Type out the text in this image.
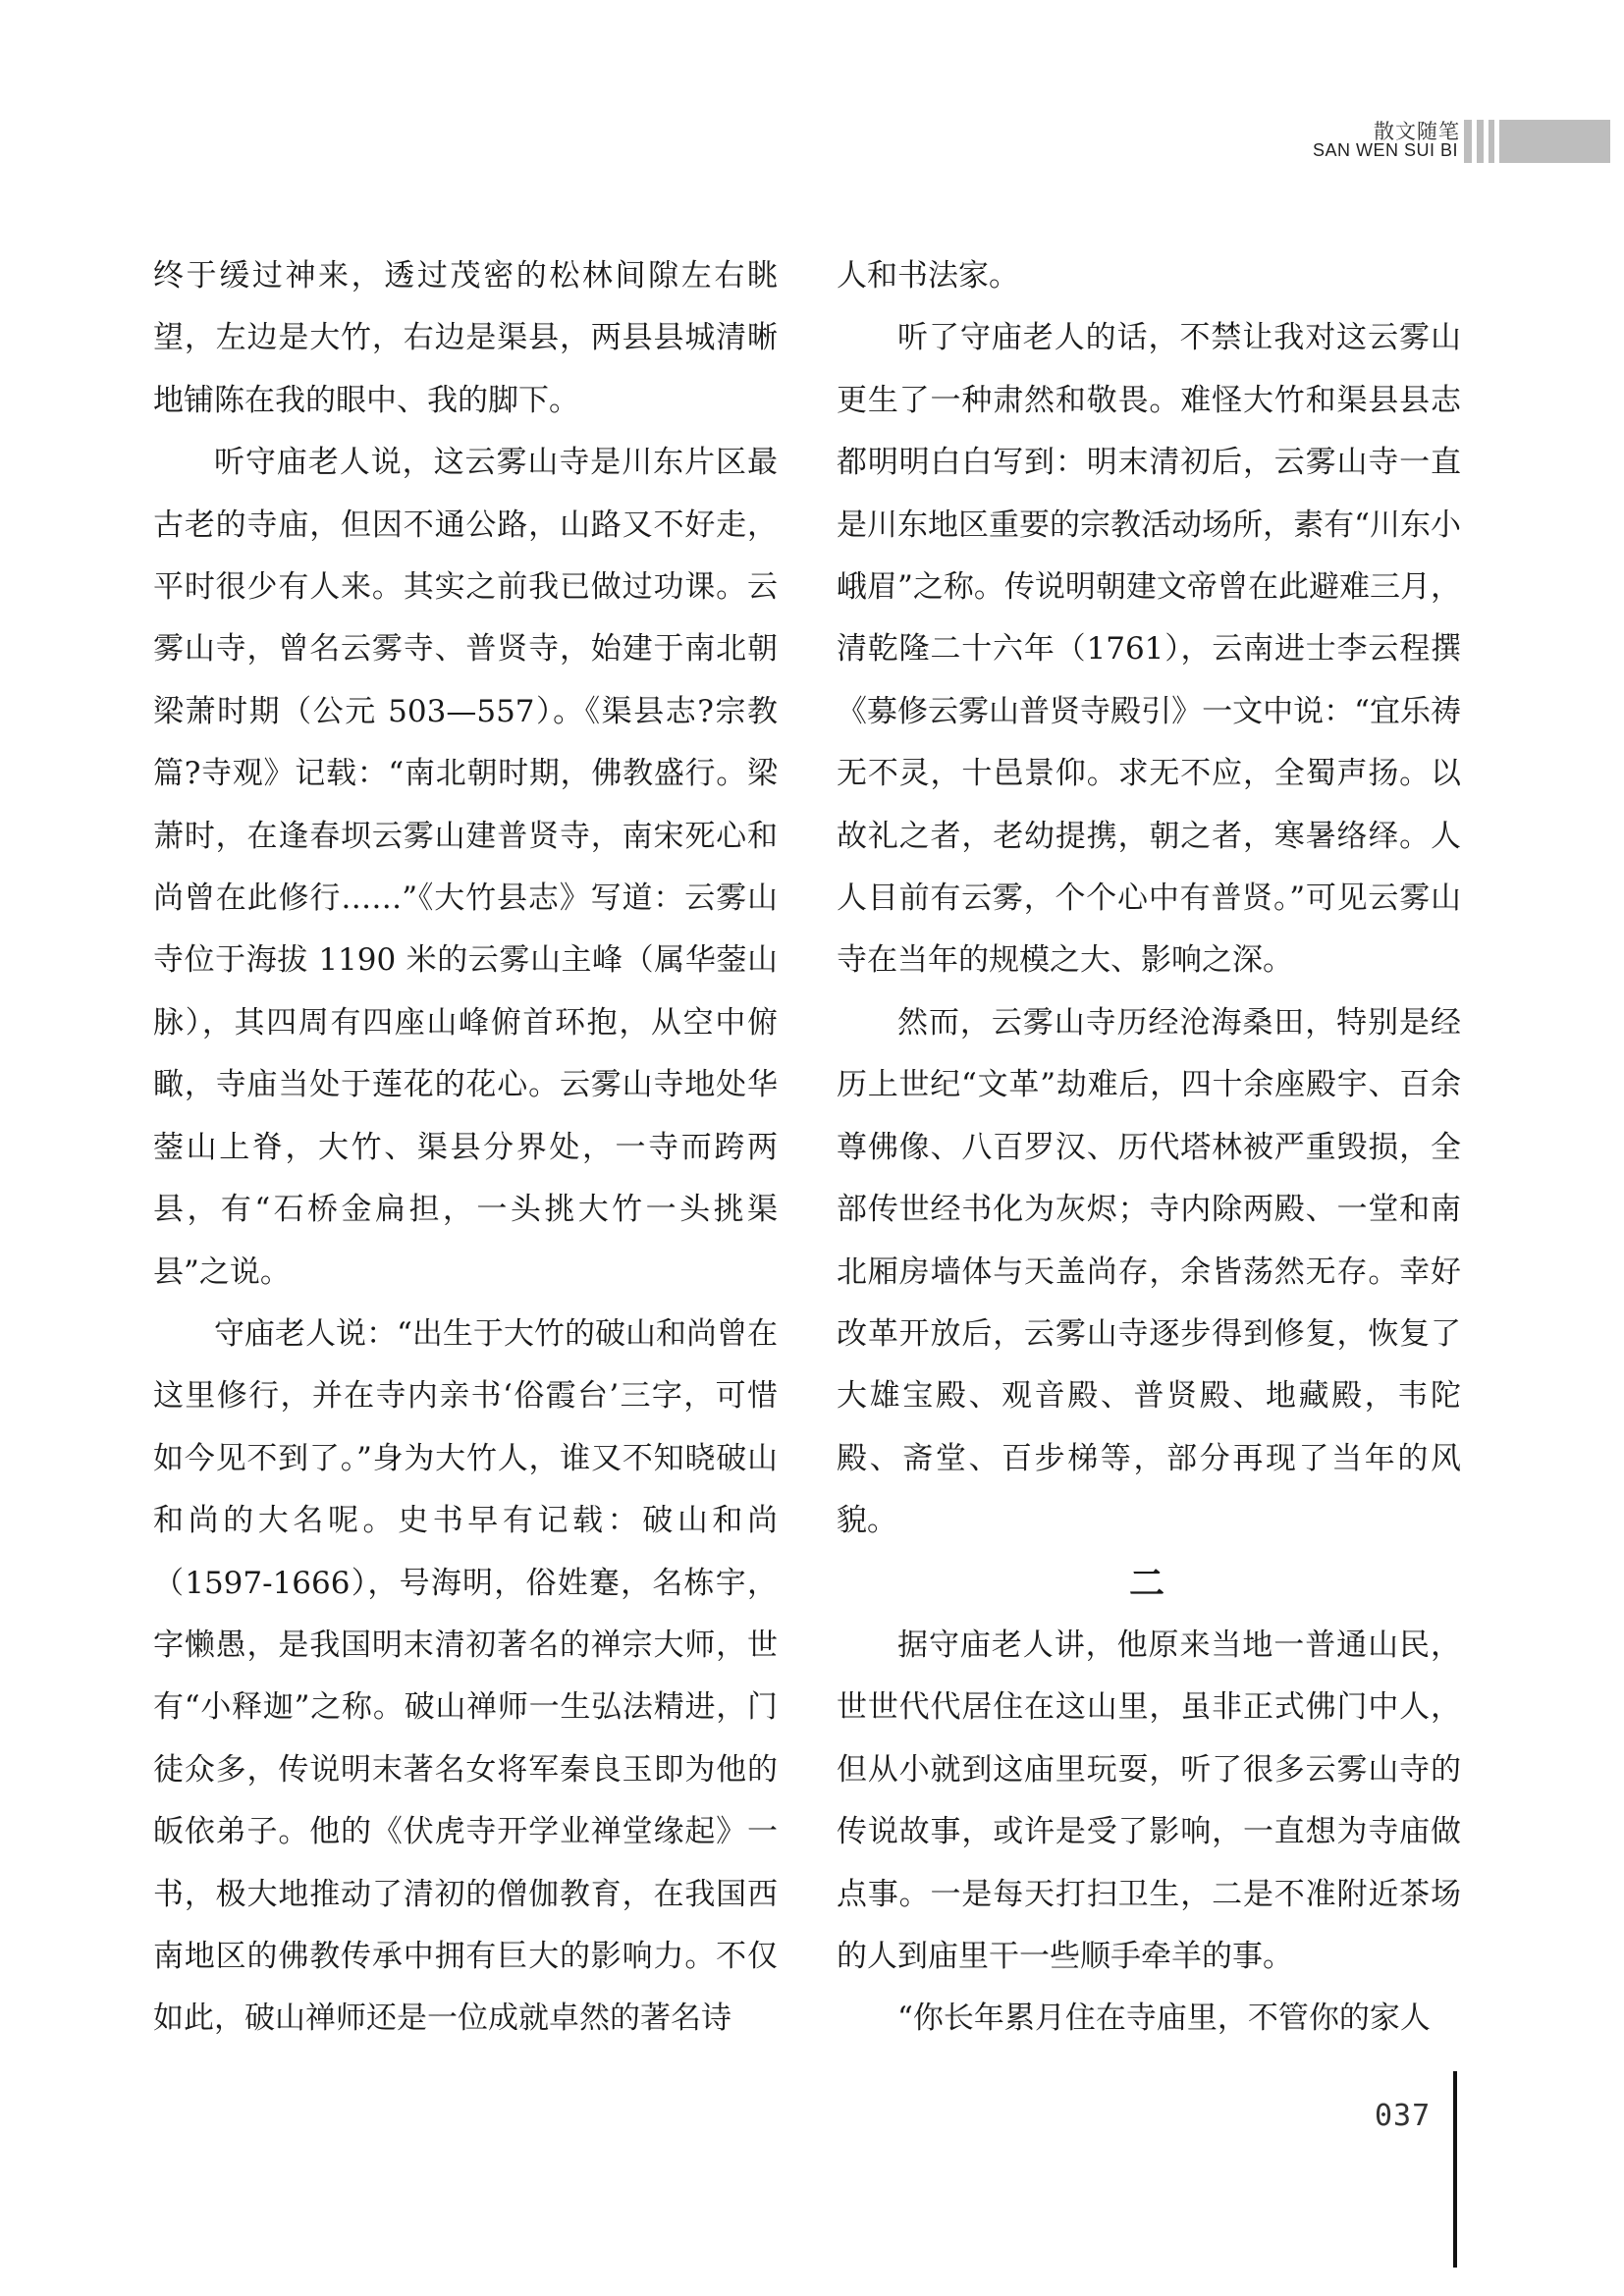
散文随笔
SAN WEN SUI BI

终于缓过神来，透过茂密的松林间隙左右眺望，左边是大竹，右边是渠县，两县县城清晰地铺陈在我的眼中、我的脚下。

听守庙老人说，这云雾山寺是川东片区最古老的寺庙，但因不通公路，山路又不好走，平时很少有人来。其实之前我已做过功课。云雾山寺，曾名云雾寺、普贤寺，始建于南北朝梁萧时期（公元 503—557）。《渠县志?宗教篇?寺观》记载：“南北朝时期，佛教盛行。梁萧时，在逢春坝云雾山建普贤寺，南宋死心和尚曾在此修行……”《大竹县志》写道：云雾山寺位于海拔 1190 米的云雾山主峰（属华蓥山脉），其四周有四座山峰俯首环抱，从空中俯瞰，寺庙当处于莲花的花心。云雾山寺地处华蓥山上脊，大竹、渠县分界处，一寺而跨两县，有“石桥金扁担，一头挑大竹一头挑渠县”之说。

守庙老人说：“出生于大竹的破山和尚曾在这里修行，并在寺内亲书‘俗霞台’三字，可惜如今见不到了。”身为大竹人，谁又不知晓破山和尚的大名呢。史书早有记载：破山和尚（1597-1666），号海明，俗姓蹇，名栋宇，字懒愚，是我国明末清初著名的禅宗大师，世有“小释迦”之称。破山禅师一生弘法精进，门徒众多，传说明末著名女将军秦良玉即为他的皈依弟子。他的《伏虎寺开学业禅堂缘起》一书，极大地推动了清初的僧伽教育，在我国西南地区的佛教传承中拥有巨大的影响力。不仅如此，破山禅师还是一位成就卓然的著名诗

人和书法家。

听了守庙老人的话，不禁让我对这云雾山更生了一种肃然和敬畏。难怪大竹和渠县县志都明明白白写到：明末清初后，云雾山寺一直是川东地区重要的宗教活动场所，素有“川东小峨眉”之称。传说明朝建文帝曾在此避难三月，清乾隆二十六年（1761），云南进士李云程撰《募修云雾山普贤寺殿引》一文中说：“宜乐祷无不灵，十邑景仰。求无不应，全蜀声扬。以故礼之者，老幼提携，朝之者，寒暑络绎。人人目前有云雾，个个心中有普贤。”可见云雾山寺在当年的规模之大、影响之深。

然而，云雾山寺历经沧海桑田，特别是经历上世纪“文革”劫难后，四十余座殿宇、百余尊佛像、八百罗汉、历代塔林被严重毁损，全部传世经书化为灰烬；寺内除两殿、一堂和南北厢房墙体与天盖尚存，余皆荡然无存。幸好改革开放后，云雾山寺逐步得到修复，恢复了大雄宝殿、观音殿、普贤殿、地藏殿，韦陀殿、斋堂、百步梯等，部分再现了当年的风貌。

二

据守庙老人讲，他原来当地一普通山民，世世代代居住在这山里，虽非正式佛门中人，但从小就到这庙里玩耍，听了很多云雾山寺的传说故事，或许是受了影响，一直想为寺庙做点事。一是每天打扫卫生，二是不准附近茶场的人到庙里干一些顺手牵羊的事。

“你长年累月住在寺庙里，不管你的家人

037
